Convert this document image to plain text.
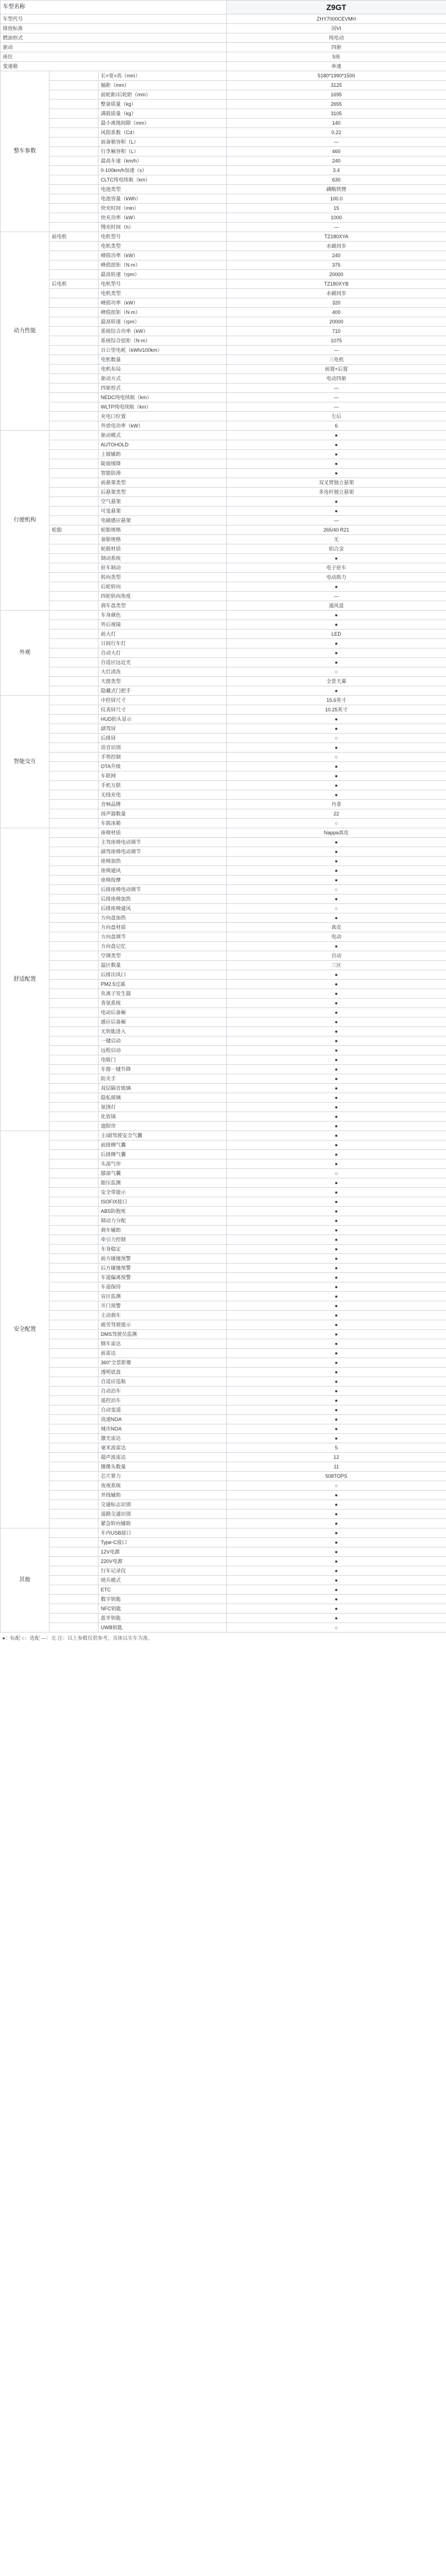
车型名称			Z9GT
车型代号			ZHY7000CEVMH
排放标准			国VI
燃油形式			纯电动
驱动			四驱
座位			5座
变速箱			单速
整车参数		长×宽×高（mm）	5180*1990*1500
		轴距（mm）	3125
		前轮距/后轮距（mm）	1695
		整备质量（kg）	2655
		满载质量（kg）	3105
		最小离地间隙（mm）	140
		风阻系数（Cd）	0.22
		前备箱容积（L）	—
		行李厢容积（L）	460
		最高车速（km/h）	240
		0-100km/h加速（s）	3.4
		CLTC纯电续航（km）	630
		电池类型	磷酸铁锂
		电池容量（kWh）	100.0
		快充时间（min）	15
		快充功率（kW）	1000
		慢充时间（h）	—
动力性能	前电机	电机型号	TZ180XYA
		电机类型	永磁同步
		峰值功率（kW）	240
		峰值扭矩（N·m）	375
		最高转速（rpm）	20000
	后电机	电机型号	TZ180XYB
		电机类型	永磁同步
		峰值功率（kW）	320
		峰值扭矩（N·m）	400
		最高转速（rpm）	20000
		系统综合功率（kW）	710
		系统综合扭矩（N·m）	1075
		百公里电耗（kWh/100km）	—
		电机数量	三电机
		电机布局	前置+后置
		驱动方式	电动四驱
		四驱形式	—
		NEDC纯电续航（km）	—
		WLTP纯电续航（km）	—
		充电口位置	左后
		外放电功率（kW）	6
行驶机构		驱动模式	●
		AUTOHOLD	●
		上坡辅助	●
		陡坡缓降	●
		智能防滑	●
		前悬架类型	双叉臂独立悬架
		后悬架类型	多连杆独立悬架
		空气悬架	●
		可变悬架	●
		电磁感应悬架	—
	轮胎	轮胎规格	265/40 R21
		备胎规格	无
		轮毂材质	铝合金
		制动系统	●
		驻车制动	电子驻车
		转向类型	电动助力
		后轮转向	●
		四轮转向角度	—
		刹车盘类型	通风盘
外观		车身颜色	●
		外后视镜	●
		前大灯	LED
		日间行车灯	●
		自动大灯	●
		自适应远近光	●
		大灯清洗	○
		天窗类型	全景天幕
		隐藏式门把手	●
智能交互		中控屏尺寸	15.6英寸
		仪表屏尺寸	10.25英寸
		HUD抬头显示	●
		副驾屏	●
		后排屏	○
		语音识别	●
		手势控制	○
		OTA升级	●
		车联网	●
		手机互联	●
		无线充电	●
		音响品牌	丹拿
		扬声器数量	22
		车载冰箱	○
舒适配置		座椅材质	Nappa真皮
		主驾座椅电动调节	●
		副驾座椅电动调节	●
		座椅加热	●
		座椅通风	●
		座椅按摩	●
		后排座椅电动调节	○
		后排座椅加热	●
		后排座椅通风	○
		方向盘加热	●
		方向盘材质	真皮
		方向盘调节	电动
		方向盘记忆	●
		空调类型	自动
		温区数量	三区
		后排出风口	●
		PM2.5过滤	●
		负离子发生器	●
		香氛系统	●
		电动后备厢	●
		感应后备厢	●
		无钥匙进入	●
		一键启动	●
		远程启动	●
		电吸门	●
		车窗一键升降	●
		防夹手	●
		双层隔音玻璃	●
		隐私玻璃	●
		氛围灯	●
		化妆镜	●
		遮阳帘	●
安全配置		主/副驾驶安全气囊	●
		前排侧气囊	●
		后排侧气囊	●
		头部气帘	●
		膝部气囊	○
		胎压监测	●
		安全带提示	●
		ISOFIX接口	●
		ABS防抱死	●
		制动力分配	●
		刹车辅助	●
		牵引力控制	●
		车身稳定	●
		前方碰撞预警	●
		后方碰撞预警	●
		车道偏离预警	●
		车道保持	●
		盲区监测	●
		开门预警	●
		主动刹车	●
		疲劳驾驶提示	●
		DMS驾驶员监测	●
		倒车雷达	●
		前雷达	●
		360°全景影像	●
		透明底盘	●
		自适应巡航	●
		自动泊车	●
		遥控泊车	●
		自动变道	●
		高速NOA	●
		城市NOA	●
		激光雷达	●
		毫米波雷达	5
		超声波雷达	12
		摄像头数量	11
		芯片算力	508TOPS
		夜视系统	○
		并线辅助	●
		交通标志识别	●
		道路交通识别	●
		紧急转向辅助	●
其他		车内USB接口	●
		Type-C接口	●
		12V电源	●
		220V电源	●
		行车记录仪	●
		哨兵模式	●
		ETC	●
		数字钥匙	●
		NFC钥匙	●
		蓝牙钥匙	●
		UWB钥匙	○
●：标配 ○：选配 —：无 注：以上参数仅供参考，具体以实车为准。
